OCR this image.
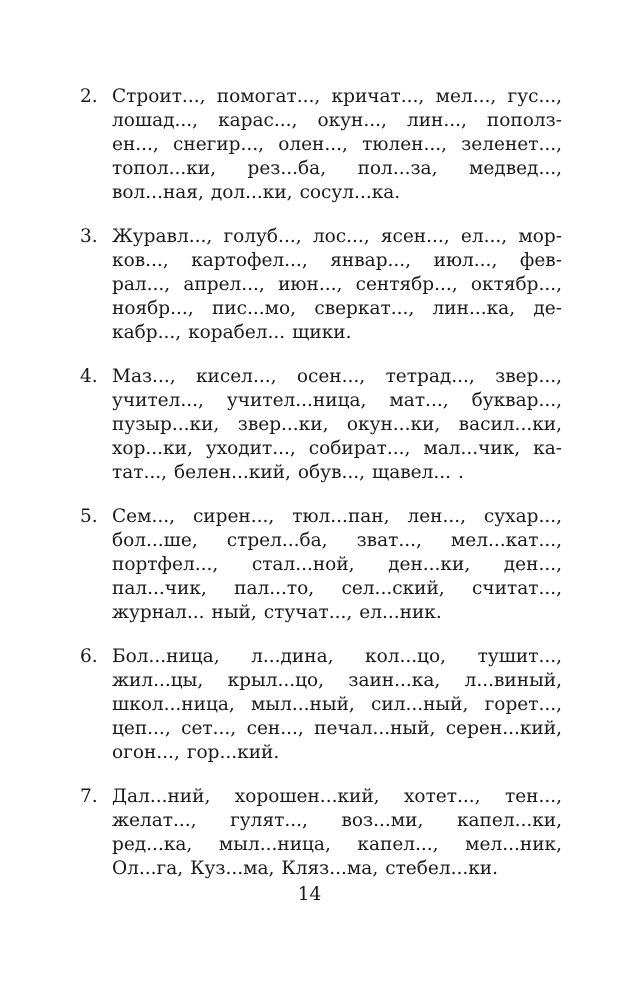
2. Строит..., помогат..., кричат..., мел..., гус...,
лошад..., карас..., окун..., лин..., пополз-
ен..., снегир..., олен..., тюлен..., зеленет...,
топол...ки, рез...ба, пол...за, медвед...,
вол...ная, дол...ки, сосул...ка.
3. Журавл..., голуб..., лос..., ясен..., ел..., мор-
ков..., картофел..., январ..., июл..., фев-
рал..., апрел..., июн..., сентябр..., октябр...,
ноябр..., пис...мо, сверкат..., лин...ка, де-
кабр..., корабел... щики.
4. Маз..., кисел..., осен..., тетрад..., звер...,
учител..., учител...ница, мат..., буквар...,
пузыр...ки, звер...ки, окун...ки, васил...ки,
хор...ки, уходит..., собират..., мал...чик, ка-
тат..., белен...кий, обув..., щавел... .
5. Сем..., сирен..., тюл...пан, лен..., сухар...,
бол...ше, стрел...ба, зват..., мел...кат...,
портфел..., стал...ной, ден...ки, ден...,
пал...чик, пал...то, сел...ский, считат...,
журнал... ный, стучат..., ел...ник.
6. Бол...ница, л...дина, кол...цо, тушит...,
жил...цы, крыл...цо, заин...ка, л...виный,
школ...ница, мыл...ный, сил...ный, горет...,
цеп..., сет..., сен..., печал...ный, серен...кий,
огон..., гор...кий.
7. Дал...ний, хорошен...кий, хотет..., тен...,
желат..., гулят..., воз...ми, капел...ки,
ред...ка, мыл...ница, капел..., мел...ник,
Ол...га, Куз...ма, Кляз...ма, стебел...ки.
14
